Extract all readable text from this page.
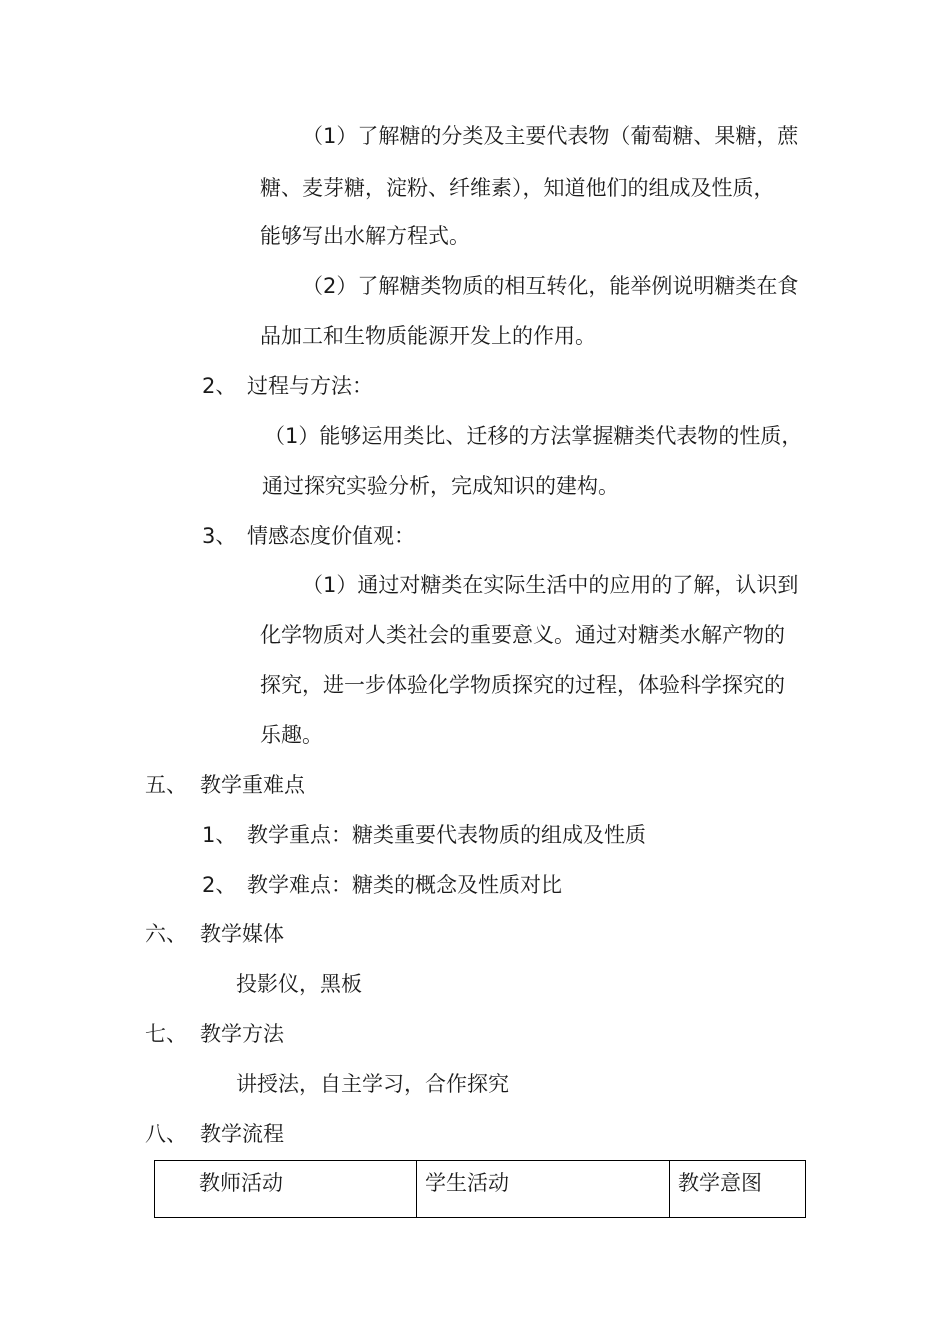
（1）了解糖的分类及主要代表物（葡萄糖、果糖，蔗
糖、麦芽糖，淀粉、纤维素），知道他们的组成及性质，
能够写出水解方程式。
（2）了解糖类物质的相互转化，能举例说明糖类在食
品加工和生物质能源开发上的作用。
2、 过程与方法：
（1）能够运用类比、迁移的方法掌握糖类代表物的性质，
通过探究实验分析，完成知识的建构。
3、 情感态度价值观：
（1）通过对糖类在实际生活中的应用的了解，认识到
化学物质对人类社会的重要意义。通过对糖类水解产物的
探究，进一步体验化学物质探究的过程，体验科学探究的
乐趣。
五、 教学重难点
1、 教学重点：糖类重要代表物质的组成及性质
2、 教学难点：糖类的概念及性质对比
六、 教学媒体
投影仪，黑板
七、 教学方法
讲授法，自主学习，合作探究
八、 教学流程
教师活动	学生活动	教学意图
